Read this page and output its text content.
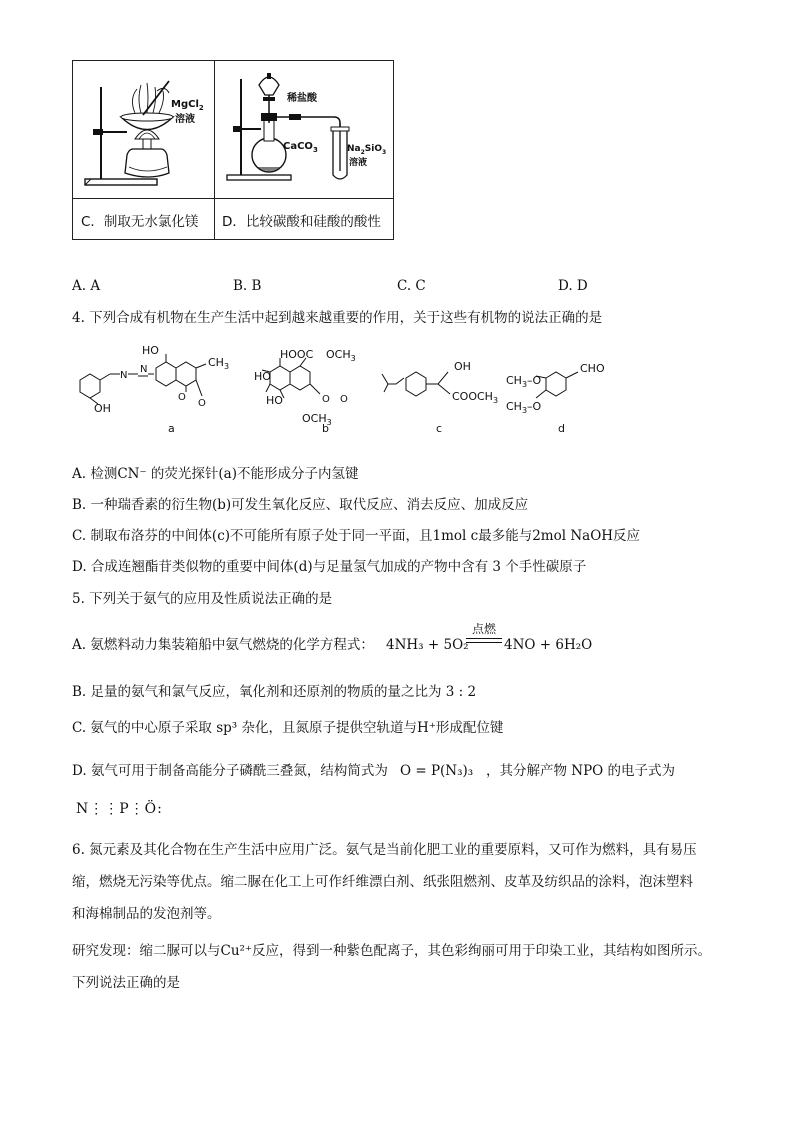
MgCl$_2$
溶液
稀盐酸
CaCO$_3$	$Na_2SiO_3$
溶液
C．制取无水氯化镁 D．比较碳酸和硅酸的酸性
A. A	B. B	C. C	D. D
4. 下列合成有机物在生产生活中起到越来越重要的作用，关于这些有机物的说法正确的是
HO
OH
N
N
$CH_3$
O
O
a
HOOC $OCH_3$
HO
HO	O O
$OCH_3$
b
OH
$COOCH_3$
c
$CH_3-O$
$CH_3-O$
CHO
d
A. 检测CN⁻ 的荧光探针(a)不能形成分子内氢键
B. 一种瑞香素的衍生物(b)可发生氧化反应、取代反应、消去反应、加成反应
C. 制取布洛芬的中间体(c)不可能所有原子处于同一平面，且1mol c最多能与2mol NaOH反应
D. 合成连翘酯苷类似物的重要中间体(d)与足量氢气加成的产物中含有 3 个手性碳原子
5. 下列关于氨气的应用及性质说法正确的是
A. 氨燃料动力集装箱船中氨气燃烧的化学方程式： 4NH₃ + 5O₂
点燃
4NO + 6H₂O
B. 足量的氨气和氯气反应，氧化剂和还原剂的物质的量之比为 3 : 2
C. 氨气的中心原子采取 sp³ 杂化，且氮原子提供空轨道与H⁺形成配位键
D. 氨气可用于制备高能分子磷酰三叠氮，结构简式为 O = P(N₃)₃ ，其分解产物 NPO 的电子式为
N⋮⋮P⋮Ö:
6. 氮元素及其化合物在生产生活中应用广泛。氨气是当前化肥工业的重要原料，又可作为燃料，具有易压
缩，燃烧无污染等优点。缩二脲在化工上可作纤维漂白剂、纸张阻燃剂、皮革及纺织品的涂料，泡沫塑料
和海棉制品的发泡剂等。
研究发现：缩二脲可以与Cu²⁺反应，得到一种紫色配离子，其色彩绚丽可用于印染工业，其结构如图所示。
下列说法正确的是
